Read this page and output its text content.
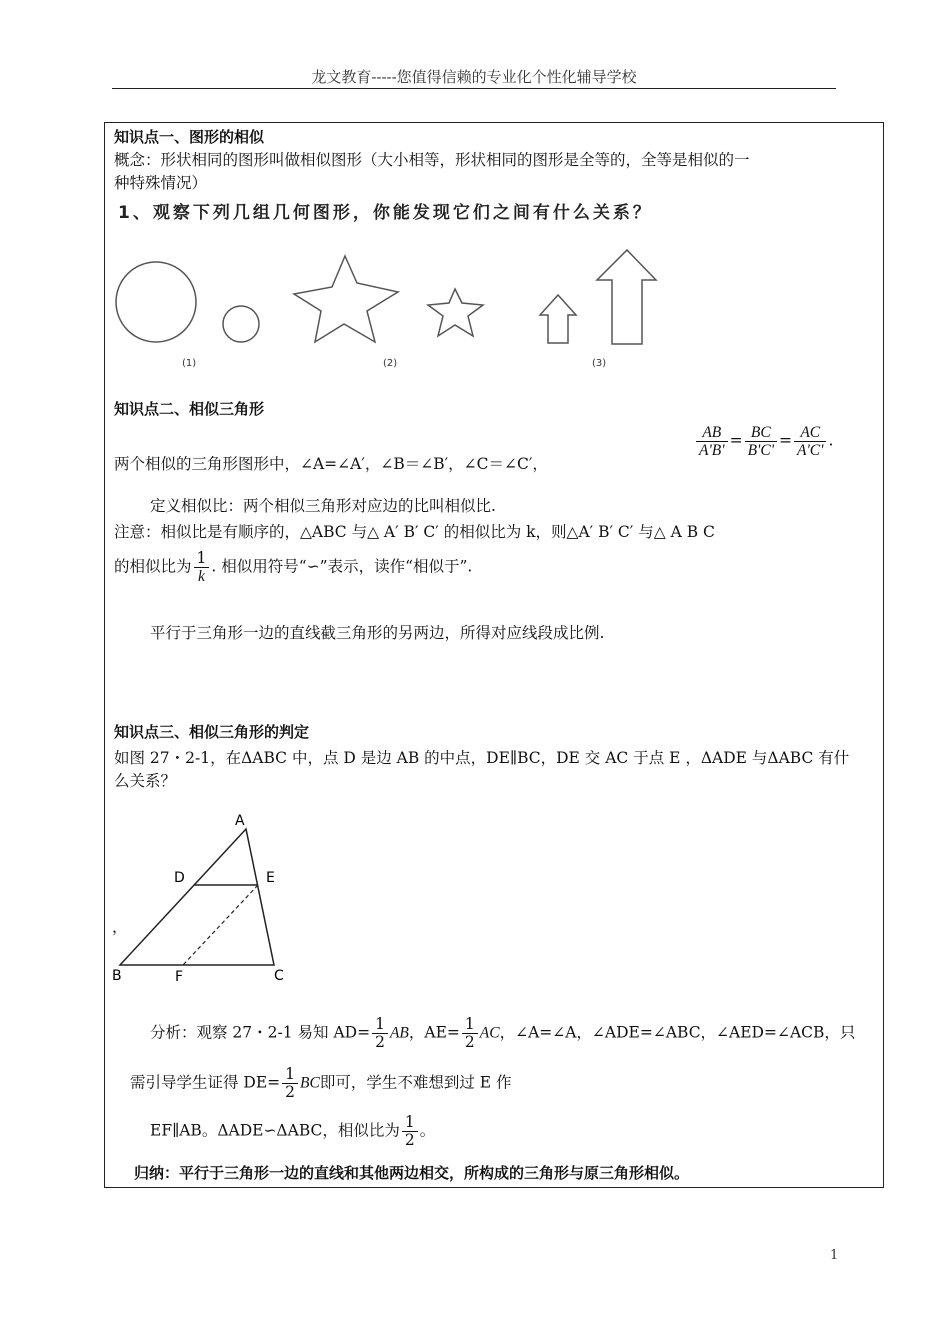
龙文教育-----您值得信赖的专业化个性化辅导学校
知识点一、图形的相似
概念：形状相同的图形叫做相似图形（大小相等，形状相同的图形是全等的，全等是相似的一
种特殊情况）
1、观察下列几组几何图形，你能发现它们之间有什么关系？
(1)	(2)	(3)
知识点二、相似三角形
两个相似的三角形图形中，∠A=∠A′，∠B＝∠B′，∠C＝∠C′，
$\frac{AB}{A'B'} = \frac{BC}{B'C'} = \frac{AC}{A'C'}$ .
定义相似比：两个相似三角形对应边的比叫相似比.
注意：相似比是有顺序的，△ABC 与△ A′ B′ C′ 的相似比为 k，则△A′ B′ C′ 与△ A B C
的相似比为 $\frac{1}{k}$ . 相似用符号“∽”表示，读作“相似于”.
平行于三角形一边的直线截三角形的另两边，所得对应线段成比例.
知识点三、相似三角形的判定
如图 27・2-1，在ΔABC 中，点 D 是边 AB 的中点，DE∥BC，DE 交 AC 于点 E ，ΔADE 与ΔABC 有什
么关系？
，
A
D	E
B	F	C
分析：观察 27・2-1 易知 $AD= \frac{1}{2}$ AB，$AE= \frac{1}{2}$ AC，∠A=∠A，∠ADE=∠ABC，∠AED=∠ACB，只
需引导学生证得 $DE= \frac{1}{2}$ BC即可，学生不难想到过 E 作
EF∥AB。ΔADE∽ΔABC，相似比为 $\frac{1}{2}$ 。
归纳：平行于三角形一边的直线和其他两边相交，所构成的三角形与原三角形相似。
1
